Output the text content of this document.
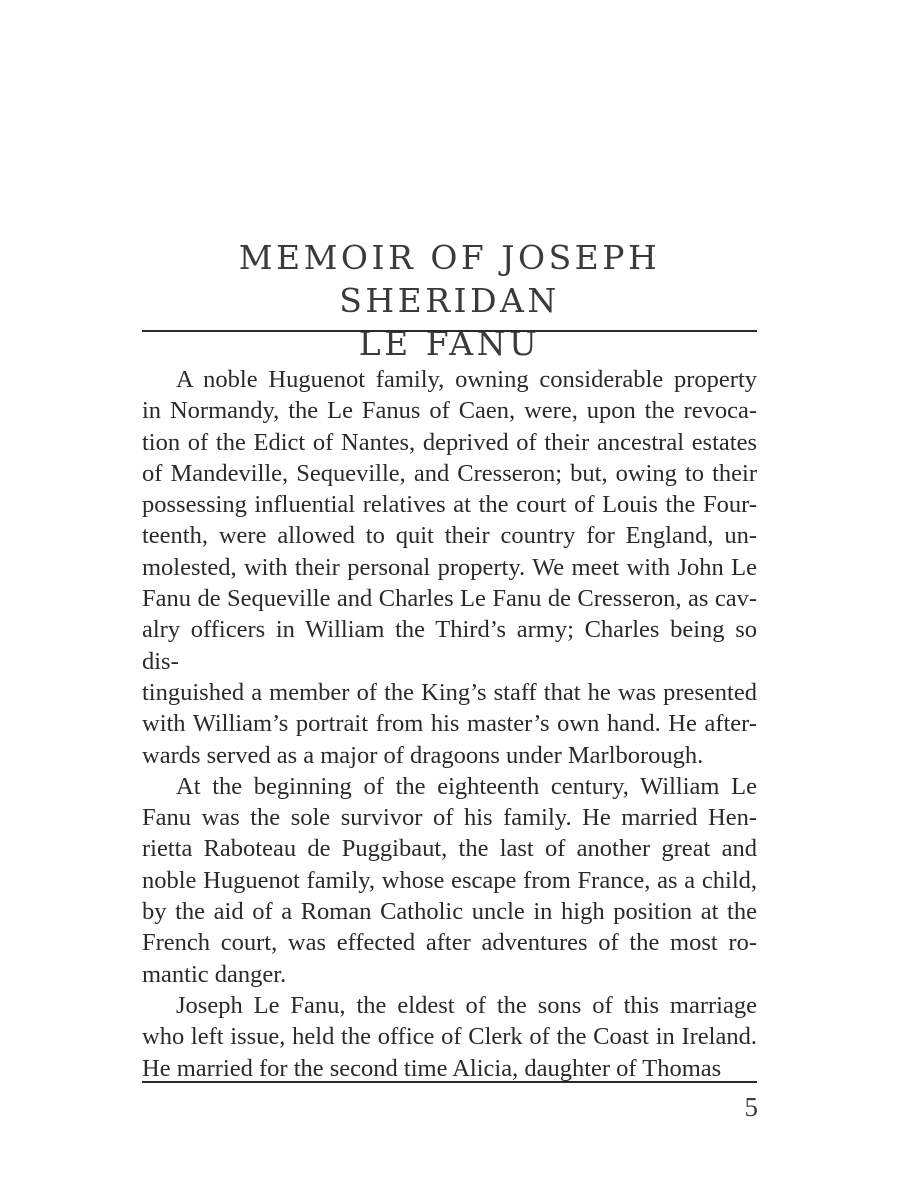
MEMOIR OF JOSEPH SHERIDAN
LE FANU

A noble Huguenot family, owning considerable property
in Normandy, the Le Fanus of Caen, were, upon the revoca-
tion of the Edict of Nantes, deprived of their ancestral estates
of Mandeville, Sequeville, and Cresseron; but, owing to their
possessing influential relatives at the court of Louis the Four-
teenth, were allowed to quit their country for England, un-
molested, with their personal property. We meet with John Le
Fanu de Sequeville and Charles Le Fanu de Cresseron, as cav-
alry officers in William the Third’s army; Charles being so dis-
tinguished a member of the King’s staff that he was presented
with William’s portrait from his master’s own hand. He after-
wards served as a major of dragoons under Marlborough.

At the beginning of the eighteenth century, William Le
Fanu was the sole survivor of his family. He married Hen-
rietta Raboteau de Puggibaut, the last of another great and
noble Huguenot family, whose escape from France, as a child,
by the aid of a Roman Catholic uncle in high position at the
French court, was effected after adventures of the most ro-
mantic danger.

Joseph Le Fanu, the eldest of the sons of this marriage
who left issue, held the office of Clerk of the Coast in Ireland.
He married for the second time Alicia, daughter of Thomas

5
